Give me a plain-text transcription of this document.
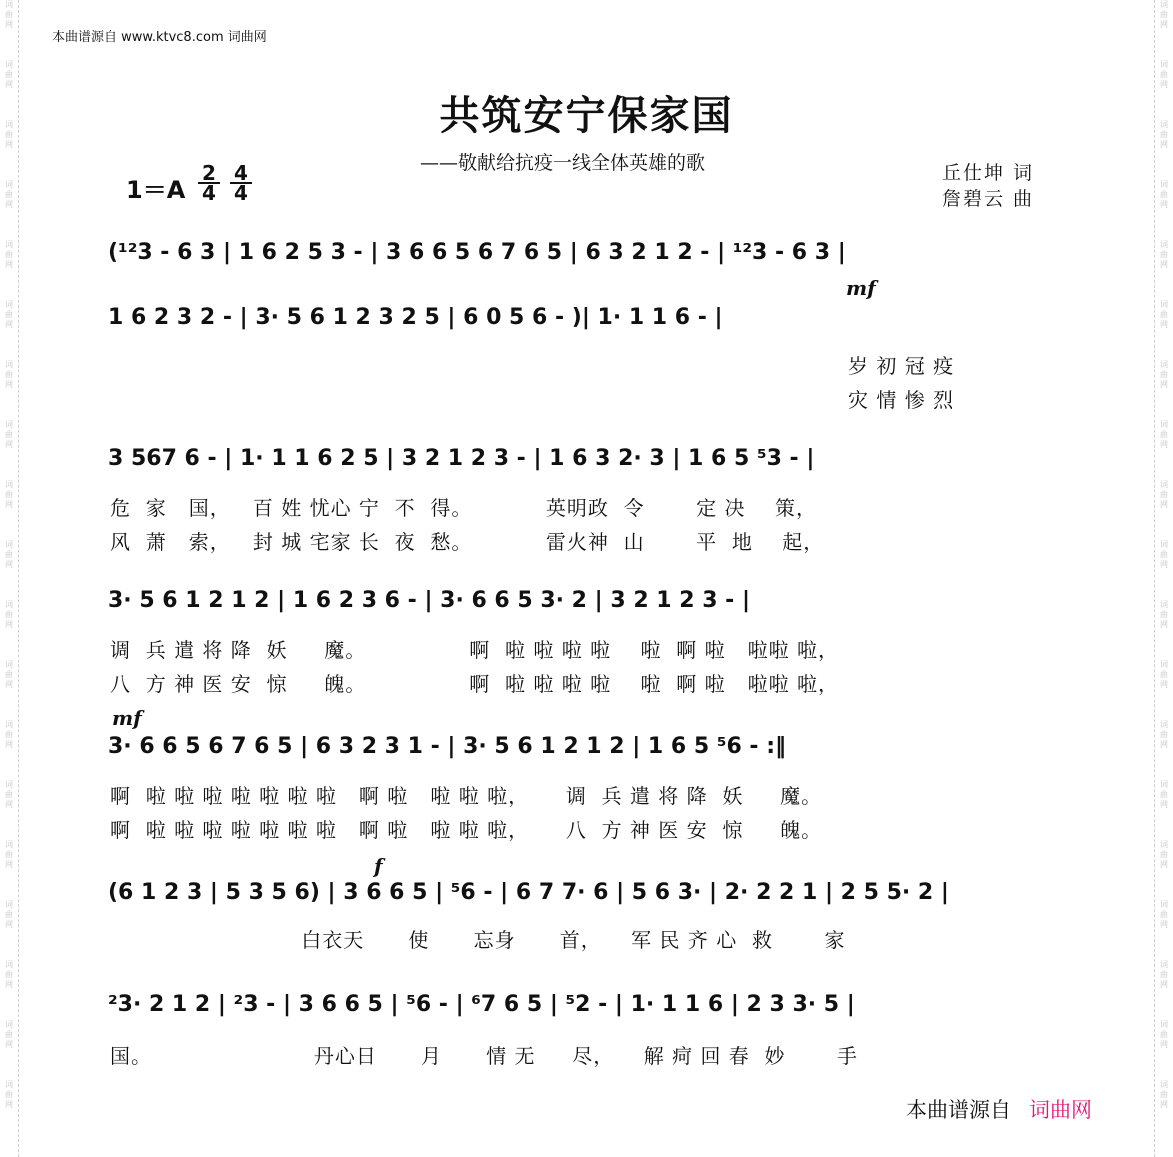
词
曲
网

词
曲
网

词
曲
网

词
曲
网

词
曲
网

词
曲
网

词
曲
网

词
曲
网

词
曲
网

词
曲
网

词
曲
网

词
曲
网

词
曲
网

词
曲
网

词
曲
网

词
曲
网

词
曲
网

词
曲
网

词
曲
网

词
曲
网

词
曲
网

词
曲
网

词
曲
网

词
曲
网

词
曲
网

词
曲
网

词
曲
网

词
曲
网

词
曲
网

词
曲
网

词
曲
网

词
曲
网

词
曲
网

词
曲
网

词
曲
网

词
曲
网

词
曲
网

词
曲
网

本曲谱源自 www.ktvc8.com 词曲网
共筑安宁保家国
——敬献给抗疫一线全体英雄的歌	丘仕坤 词
詹碧云 曲
1＝A
2
4
4
4
(¹²3 - 6 3 | 1 6 2 5 3 - | 3 6 6 5 6 7 6 5 | 6 3 2 1 2 - | ¹²3 - 6 3 |
mf
1 6 2 3 2 - | 3· 5 6 1 2 3 2 5 | 6 0 5 6 - )| 1· 1 1 6 - |
岁 初 冠 疫
灾 情 惨 烈
3 567 6 - | 1· 1 1 6 2 5 | 3 2 1 2 3 - | 1 6 3 2· 3 | 1 6 5 ⁵3 - |
危  家   国，   百 姓 忧心 宁  不  得。          英明政  令       定 决    策，
风  萧   索，   封 城 宅家 长  夜  愁。          雷火神  山       平  地    起，
3· 5 6 1 2 1 2 | 1 6 2 3 6 - | 3· 6 6 5 3· 2 | 3 2 1 2 3 - |
调  兵 遣 将 降  妖     魔。              啊  啦 啦 啦 啦    啦  啊 啦   啦啦 啦，
八  方 神 医 安  惊     魄。              啊  啦 啦 啦 啦    啦  啊 啦   啦啦 啦，
mf
3· 6 6 5 6 7 6 5 | 6 3 2 3 1 - | 3· 5 6 1 2 1 2 | 1 6 5 ⁵6 - :‖
啊  啦 啦 啦 啦 啦 啦 啦   啊 啦   啦 啦 啦，     调  兵 遣 将 降  妖     魔。
啊  啦 啦 啦 啦 啦 啦 啦   啊 啦   啦 啦 啦，     八  方 神 医 安  惊     魄。
f
(6 1 2 3 | 5 3 5 6) | 3 6 6 5 | ⁵6 - | 6 7 7· 6 | 5 6 3· | 2· 2 2 1 | 2 5 5· 2 |
白衣天      使      忘身      首，    军 民 齐 心  救       家
²3· 2 1 2 | ²3 - | 3 6 6 5 | ⁵6 - | ⁶7 6 5 | ⁵2 - | 1· 1 1 6 | 2 3 3· 5 |
国。                      丹心日      月      情 无     尽，    解 疴 回 春  妙       手
本曲谱源自 词曲网
